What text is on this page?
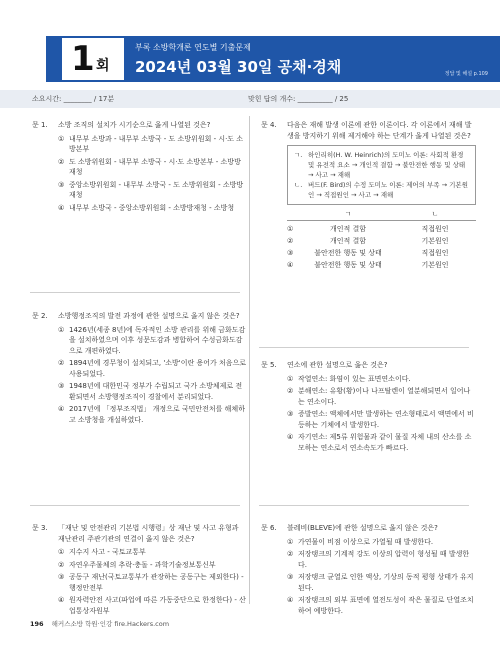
1 회
부록 소방학개론 연도별 기출문제
2024년 03월 30일 공채·경채	정답 및 해설 p.109
소요시간: ________ / 17분	맞힌 답의 개수: __________ / 25
문 1.	소방 조직의 설치가 시기순으로 옳게 나열된 것은?
① 내무부 소방과 - 내무부 소방국 - 도 소방위원회 - 시·도 소방본부
② 도 소방위원회 - 내무부 소방국 - 시·도 소방본부 - 소방방재청
③ 중앙소방위원회 - 내무부 소방국 - 도 소방위원회 - 소방방재청
④ 내무부 소방국 - 중앙소방위원회 - 소방방재청 - 소방청
문 2.	소방행정조직의 발전 과정에 관한 설명으로 옳지 않은 것은?
① 1426년(세종 8년)에 독자적인 소방 관리를 위해 금화도감을 설치하였으며 이후 성문도감과 병합하여 수성금화도감으로 개편하였다.
② 1894년에 경무청이 설치되고, '소방'이란 용어가 처음으로 사용되었다.
③ 1948년에 대한민국 정부가 수립되고 국가 소방체제로 전환되면서 소방행정조직이 경찰에서 분리되었다.
④ 2017년에 「정부조직법」 개정으로 국민안전처를 해체하고 소방청을 개설하였다.
문 3.	「재난 및 안전관리 기본법 시행령」상 재난 및 사고 유형과 재난관리 주관기관의 연결이 옳지 않은 것은?
① 지수지 사고 - 국토교통부
② 자연우주물체의 추락·충돌 - 과학기술정보통신부
③ 공동구 재난(국토교통부가 관장하는 공동구는 제외한다) - 행정안전부
④ 원자력안전 사고(파업에 따른 가동중단으로 한정한다) - 산업통상자원부
문 4.	다음은 재해 발생 이론에 관한 이론이다. 각 이론에서 재해 발생을 방지하기 위해 제거해야 하는 단계가 옳게 나열된 것은?
ㄱ. 하인리히(H. W. Heinrich)의 도미노 이론: 사회적 환경 및 유전적 요소 → 개인적 결함 → 불안전한 행동 및 상태 → 사고 → 재해
ㄴ. 버드(F. Bird)의 수정 도미노 이론: 제어의 부족 → 기본원인 → 직접원인 → 사고 → 재해
ㄱ	ㄴ
①	개인적 결함	직접원인
②	개인적 결함	기본원인
③	불안전한 행동 및 상태	직접원인
④	불안전한 행동 및 상태	기본원인
문 5.	연소에 관한 설명으로 옳은 것은?
① 작열연소: 화염이 있는 표면연소이다.
② 분해연소: 유황(황)이나 나프탈렌이 열분해되면서 일어나는 연소이다.
③ 증발연소: 액체에서만 발생하는 연소형태로서 액면에서 비등하는 기체에서 발생한다.
④ 자기연소: 제5류 위험물과 같이 물질 자체 내의 산소를 소모하는 연소로서 연소속도가 빠르다.
문 6.	블레비(BLEVE)에 관한 설명으로 옳지 않은 것은?
① 가연물이 비점 이상으로 가열될 때 발생한다.
② 저장탱크의 기계적 강도 이상의 압력이 형성될 때 발생한다.
③ 저장탱크 균열로 인한 액상, 기상의 동적 평형 상태가 유지된다.
④ 저장탱크의 외부 표면에 열전도성이 작은 물질로 단열조치하여 예방한다.
196 해커스소방 학원·인강 fire.Hackers.com
